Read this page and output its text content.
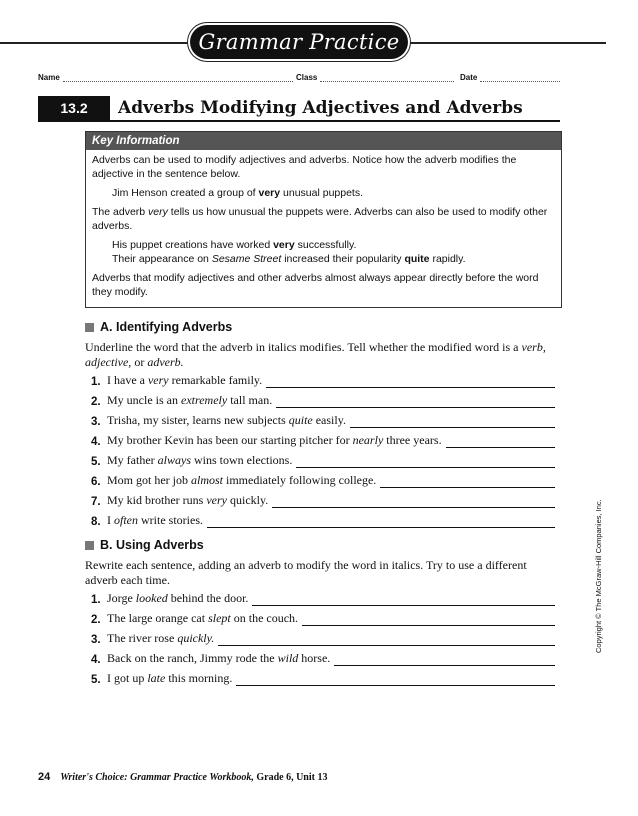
Grammar Practice
Name	Class	Date
13.2	Adverbs Modifying Adjectives and Adverbs
Key Information

Adverbs can be used to modify adjectives and adverbs. Notice how the adverb modifies the adjective in the sentence below.

Jim Henson created a group of very unusual puppets.

The adverb very tells us how unusual the puppets were. Adverbs can also be used to modify other adverbs.

His puppet creations have worked very successfully.

Their appearance on Sesame Street increased their popularity quite rapidly.

Adverbs that modify adjectives and other adverbs almost always appear directly before the word they modify.

A. Identifying Adverbs
Underline the word that the adverb in italics modifies. Tell whether the modified word is a verb, adjective, or adverb.
1. I have a very remarkable family.
2. My uncle is an extremely tall man.
3. Trisha, my sister, learns new subjects quite easily.
4. My brother Kevin has been our starting pitcher for nearly three years.
5. My father always wins town elections.
6. Mom got her job almost immediately following college.
7. My kid brother runs very quickly.
8. I often write stories.
B. Using Adverbs
Rewrite each sentence, adding an adverb to modify the word in italics. Try to use a different adverb each time.
1. Jorge looked behind the door.
2. The large orange cat slept on the couch.
3. The river rose quickly.
4. Back on the ranch, Jimmy rode the wild horse.
5. I got up late this morning.
Copyright © The McGraw-Hill Companies, Inc.
24 Writer's Choice: Grammar Practice Workbook, Grade 6, Unit 13
